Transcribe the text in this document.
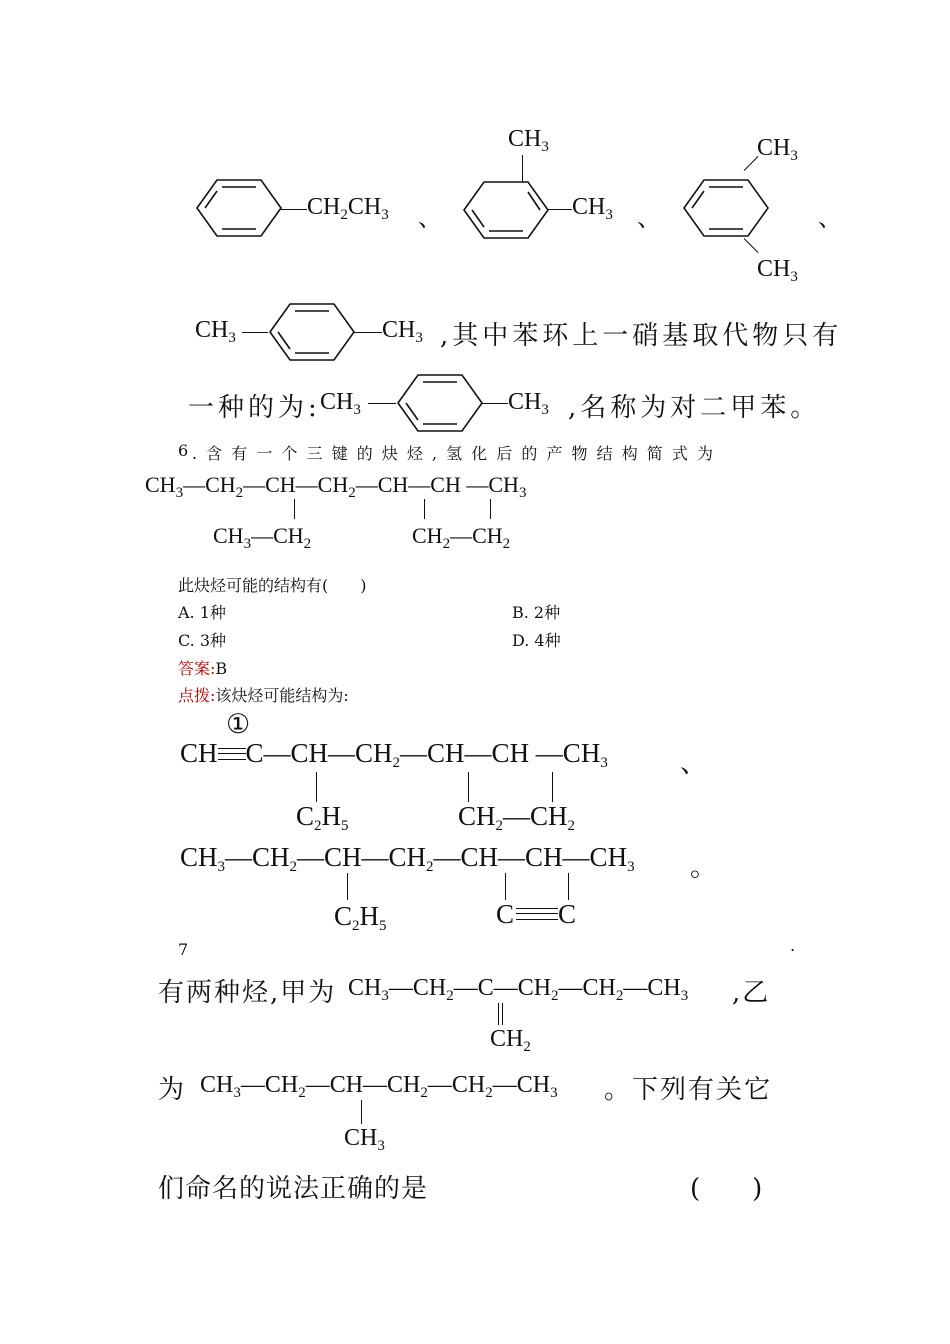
$CH_2CH_3$ 、
$CH_3$
$CH_3$ 、
$CH_3$
$CH_3$
、
$CH_3$	$CH_3$ ,其中苯环上一硝基取代物只有
一种的为: $CH_3$	$CH_3$ ,名称为对二甲苯。
6 . 含 有 一 个 三 键 的 炔 烃 , 氢 化 后 的 产 物 结 构 简 式 为
$CH_3—CH_2—CH—CH_2—CH—CH$ $—CH_3$
$CH_3—CH_2$	$CH_2—CH_2$
此炔烃可能的结构有(　　)
A. 1种	B. 2种
C. 3种	D. 4种
答案:B
点拨:该炔烃可能结构为:
①
CH $C—CH—CH_2—CH—CH$ $—CH_3$	、
$C_2H_5$	$CH_2—CH_2$
$CH_3—CH_2—CH—CH_2—CH—CH—CH_3$ 。
$C_2H_5$	C C
7	.
有两种烃,甲为 $CH_3—CH_2—C—CH_2—CH_2—CH_3$ ,乙
$CH_2$
为 $CH_3—CH_2—CH—CH_2—CH_2—CH_3$ 。下列有关它
$CH_3$
们命名的说法正确的是	(　　)
